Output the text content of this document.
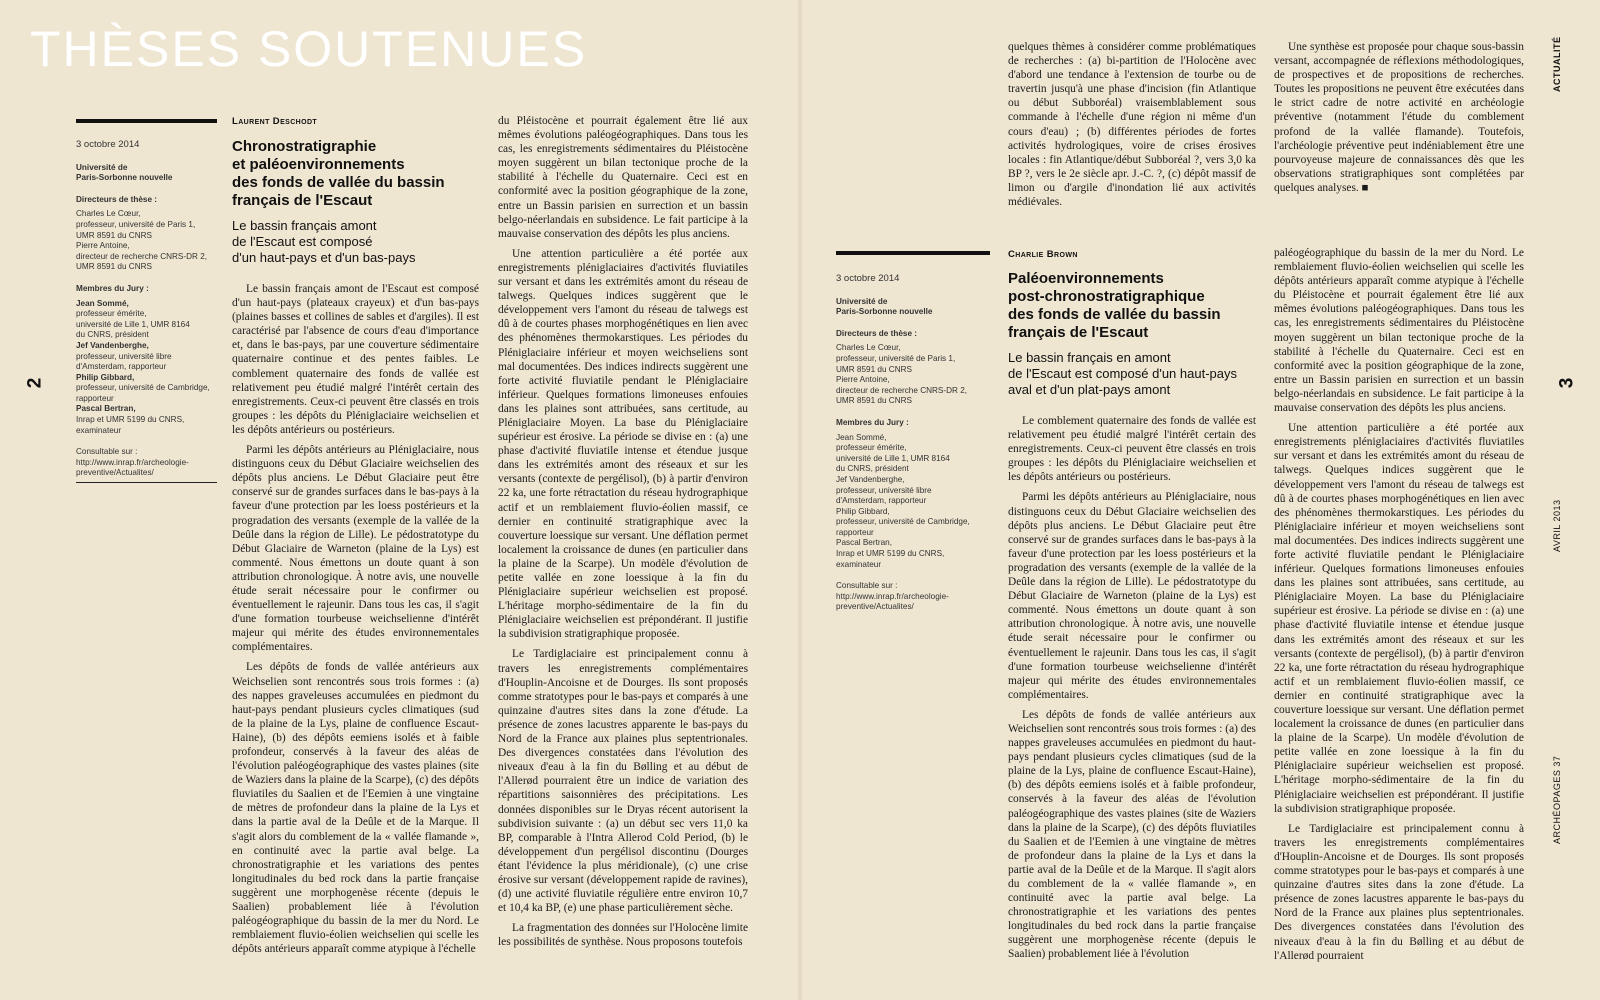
THÈSES SOUTENUES
2
3 octobre 2014
Université de
Paris-Sorbonne nouvelle
Directeurs de thèse :
Charles Le Cœur,
professeur, université de Paris 1,
UMR 8591 du CNRS
Pierre Antoine,
directeur de recherche CNRS-DR 2,
UMR 8591 du CNRS
Membres du Jury :
Jean Sommé,
professeur émérite,
université de Lille 1, UMR 8164
du CNRS, président
Jef Vandenberghe,
professeur, université libre
d'Amsterdam, rapporteur
Philip Gibbard,
professeur, université de Cambridge,
rapporteur
Pascal Bertran,
Inrap et UMR 5199 du CNRS,
examinateur
Consultable sur :
http://www.inrap.fr/archeologie-
preventive/Actualites/
Laurent Deschodt
Chronostratigraphie
et paléoenvironnements
des fonds de vallée du bassin
français de l'Escaut
Le bassin français amont
de l'Escaut est composé
d'un haut-pays et d'un bas-pays

Le bassin français amont de l'Escaut est composé d'un haut-pays (plateaux crayeux) et d'un bas-pays (plaines basses et collines de sables et d'argiles). Il est caractérisé par l'absence de cours d'eau d'importance et, dans le bas-pays, par une couverture sédimentaire quaternaire continue et des pentes faibles. Le comblement quaternaire des fonds de vallée est relativement peu étudié malgré l'intérêt certain des enregistrements. Ceux-ci peuvent être classés en trois groupes : les dépôts du Pléniglaciaire weichselien et les dépôts antérieurs ou postérieurs.

Parmi les dépôts antérieurs au Pléniglaciaire, nous distinguons ceux du Début Glaciaire weichselien des dépôts plus anciens. Le Début Glaciaire peut être conservé sur de grandes surfaces dans le bas-pays à la faveur d'une protection par les loess postérieurs et la progradation des versants (exemple de la vallée de la Deûle dans la région de Lille). Le pédostratotype du Début Glaciaire de Warneton (plaine de la Lys) est commenté. Nous émettons un doute quant à son attribution chronologique. À notre avis, une nouvelle étude serait nécessaire pour le confirmer ou éventuellement le rajeunir. Dans tous les cas, il s'agit d'une formation tourbeuse weichselienne d'intérêt majeur qui mérite des études environnementales complémentaires.

Les dépôts de fonds de vallée antérieurs aux Weichselien sont rencontrés sous trois formes : (a) des nappes graveleuses accumulées en piedmont du haut-pays pendant plusieurs cycles climatiques (sud de la plaine de la Lys, plaine de confluence Escaut-Haine), (b) des dépôts eemiens isolés et à faible profondeur, conservés à la faveur des aléas de l'évolution paléogéographique des vastes plaines (site de Waziers dans la plaine de la Scarpe), (c) des dépôts fluviatiles du Saalien et de l'Eemien à une vingtaine de mètres de profondeur dans la plaine de la Lys et dans la partie aval de la Deûle et de la Marque. Il s'agit alors du comblement de la « vallée flamande », en continuité avec la partie aval belge. La chronostratigraphie et les variations des pentes longitudinales du bed rock dans la partie française suggèrent une morphogenèse récente (depuis le Saalien) probablement liée à l'évolution paléogéographique du bassin de la mer du Nord. Le remblaiement fluvio-éolien weichselien qui scelle les dépôts antérieurs apparaît comme atypique à l'échelle

du Pléistocène et pourrait également être lié aux mêmes évolutions paléogéographiques. Dans tous les cas, les enregistrements sédimentaires du Pléistocène moyen suggèrent un bilan tectonique proche de la stabilité à l'échelle du Quaternaire. Ceci est en conformité avec la position géographique de la zone, entre un Bassin parisien en surrection et un bassin belgo-néerlandais en subsidence. Le fait participe à la mauvaise conservation des dépôts les plus anciens.

Une attention particulière a été portée aux enregistrements pléniglaciaires d'activités fluviatiles sur versant et dans les extrémités amont du réseau de talwegs. Quelques indices suggèrent que le développement vers l'amont du réseau de talwegs est dû à de courtes phases morphogénétiques en lien avec des phénomènes thermokarstiques. Les périodes du Pléniglaciaire inférieur et moyen weichseliens sont mal documentées. Des indices indirects suggèrent une forte activité fluviatile pendant le Pléniglaciaire inférieur. Quelques formations limoneuses enfouies dans les plaines sont attribuées, sans certitude, au Pléniglaciaire Moyen. La base du Pléniglaciaire supérieur est érosive. La période se divise en : (a) une phase d'activité fluviatile intense et étendue jusque dans les extrémités amont des réseaux et sur les versants (contexte de pergélisol), (b) à partir d'environ 22 ka, une forte rétractation du réseau hydrographique actif et un remblaiement fluvio-éolien massif, ce dernier en continuité stratigraphique avec la couverture loessique sur versant. Une déflation permet localement la croissance de dunes (en particulier dans la plaine de la Scarpe). Un modèle d'évolution de petite vallée en zone loessique à la fin du Pléniglaciaire supérieur weichselien est proposé. L'héritage morpho-sédimentaire de la fin du Pléniglaciaire weichselien est prépondérant. Il justifie la subdivision stratigraphique proposée.

Le Tardiglaciaire est principalement connu à travers les enregistrements complémentaires d'Houplin-Ancoisne et de Dourges. Ils sont proposés comme stratotypes pour le bas-pays et comparés à une quinzaine d'autres sites dans la zone d'étude. La présence de zones lacustres apparente le bas-pays du Nord de la France aux plaines plus septentrionales. Des divergences constatées dans l'évolution des niveaux d'eau à la fin du Bølling et au début de l'Allerød pourraient être un indice de variation des répartitions saisonnières des précipitations. Les données disponibles sur le Dryas récent autorisent la subdivision suivante : (a) un début sec vers 11,0 ka BP, comparable à l'Intra Allerod Cold Period, (b) le développement d'un pergélisol discontinu (Dourges étant l'évidence la plus méridionale), (c) une crise érosive sur versant (développement rapide de ravines), (d) une activité fluviatile régulière entre environ 10,7 et 10,4 ka BP, (e) une phase particulièrement sèche.

La fragmentation des données sur l'Holocène limite les possibilités de synthèse. Nous proposons toutefois

quelques thèmes à considérer comme problématiques de recherches : (a) bi-partition de l'Holocène avec d'abord une tendance à l'extension de tourbe ou de travertin jusqu'à une phase d'incision (fin Atlantique ou début Subboréal) vraisemblablement sous commande à l'échelle d'une région ni même d'un cours d'eau) ; (b) différentes périodes de fortes activités hydrologiques, voire de crises érosives locales : fin Atlantique/début Subboréal ?, vers 3,0 ka BP ?, vers le 2e siècle apr. J.-C. ?, (c) dépôt massif de limon ou d'argile d'inondation lié aux activités médiévales.

Une synthèse est proposée pour chaque sous-bassin versant, accompagnée de réflexions méthodologiques, de prospectives et de propositions de recherches. Toutes les propositions ne peuvent être exécutées dans le strict cadre de notre activité en archéologie préventive (notamment l'étude du comblement profond de la vallée flamande). Toutefois, l'archéologie préventive peut indéniablement être une pourvoyeuse majeure de connaissances dès que les observations stratigraphiques sont complétées par quelques analyses. ■

Charlie Brown
Paléoenvironnements
post-chronostratigraphique
des fonds de vallée du bassin
français de l'Escaut
Le bassin français en amont
de l'Escaut est composé d'un haut-pays
aval et d'un plat-pays amont
3 octobre 2014
Université de
Paris-Sorbonne nouvelle
Directeurs de thèse :
Charles Le Cœur,
professeur, université de Paris 1,
UMR 8591 du CNRS
Pierre Antoine,
directeur de recherche CNRS-DR 2,
UMR 8591 du CNRS
Membres du Jury :
Jean Sommé,
professeur émérite,
université de Lille 1, UMR 8164
du CNRS, président
Jef Vandenberghe,
professeur, université libre
d'Amsterdam, rapporteur
Philip Gibbard,
professeur, université de Cambridge,
rapporteur
Pascal Bertran,
Inrap et UMR 5199 du CNRS,
examinateur
Consultable sur :
http://www.inrap.fr/archeologie-
preventive/Actualites/

Le comblement quaternaire des fonds de vallée est relativement peu étudié malgré l'intérêt certain des enregistrements. Ceux-ci peuvent être classés en trois groupes : les dépôts du Pléniglaciaire weichselien et les dépôts antérieurs ou postérieurs.

Parmi les dépôts antérieurs au Pléniglaciaire, nous distinguons ceux du Début Glaciaire weichselien des dépôts plus anciens. Le Début Glaciaire peut être conservé sur de grandes surfaces dans le bas-pays à la faveur d'une protection par les loess postérieurs et la progradation des versants (exemple de la vallée de la Deûle dans la région de Lille). Le pédostratotype du Début Glaciaire de Warneton (plaine de la Lys) est commenté. Nous émettons un doute quant à son attribution chronologique. À notre avis, une nouvelle étude serait nécessaire pour le confirmer ou éventuellement le rajeunir. Dans tous les cas, il s'agit d'une formation tourbeuse weichselienne d'intérêt majeur qui mérite des études environnementales complémentaires.

Les dépôts de fonds de vallée antérieurs aux Weichselien sont rencontrés sous trois formes : (a) des nappes graveleuses accumulées en piedmont du haut-pays pendant plusieurs cycles climatiques (sud de la plaine de la Lys, plaine de confluence Escaut-Haine), (b) des dépôts eemiens isolés et à faible profondeur, conservés à la faveur des aléas de l'évolution paléogéographique des vastes plaines (site de Waziers dans la plaine de la Scarpe), (c) des dépôts fluviatiles du Saalien et de l'Eemien à une vingtaine de mètres de profondeur dans la plaine de la Lys et dans la partie aval de la Deûle et de la Marque. Il s'agit alors du comblement de la « vallée flamande », en continuité avec la partie aval belge. La chronostratigraphie et les variations des pentes longitudinales du bed rock dans la partie française suggèrent une morphogenèse récente (depuis le Saalien) probablement liée à l'évolution

paléogéographique du bassin de la mer du Nord. Le remblaiement fluvio-éolien weichselien qui scelle les dépôts antérieurs apparaît comme atypique à l'échelle du Pléistocène et pourrait également être lié aux mêmes évolutions paléogéographiques. Dans tous les cas, les enregistrements sédimentaires du Pléistocène moyen suggèrent un bilan tectonique proche de la stabilité à l'échelle du Quaternaire. Ceci est en conformité avec la position géographique de la zone, entre un Bassin parisien en surrection et un bassin belgo-néerlandais en subsidence. Le fait participe à la mauvaise conservation des dépôts les plus anciens.

Une attention particulière a été portée aux enregistrements pléniglaciaires d'activités fluviatiles sur versant et dans les extrémités amont du réseau de talwegs. Quelques indices suggèrent que le développement vers l'amont du réseau de talwegs est dû à de courtes phases morphogénétiques en lien avec des phénomènes thermokarstiques. Les périodes du Pléniglaciaire inférieur et moyen weichseliens sont mal documentées. Des indices indirects suggèrent une forte activité fluviatile pendant le Pléniglaciaire inférieur. Quelques formations limoneuses enfouies dans les plaines sont attribuées, sans certitude, au Pléniglaciaire Moyen. La base du Pléniglaciaire supérieur est érosive. La période se divise en : (a) une phase d'activité fluviatile intense et étendue jusque dans les extrémités amont des réseaux et sur les versants (contexte de pergélisol), (b) à partir d'environ 22 ka, une forte rétractation du réseau hydrographique actif et un remblaiement fluvio-éolien massif, ce dernier en continuité stratigraphique avec la couverture loessique sur versant. Une déflation permet localement la croissance de dunes (en particulier dans la plaine de la Scarpe). Un modèle d'évolution de petite vallée en zone loessique à la fin du Pléniglaciaire supérieur weichselien est proposé. L'héritage morpho-sédimentaire de la fin du Pléniglaciaire weichselien est prépondérant. Il justifie la subdivision stratigraphique proposée.

Le Tardiglaciaire est principalement connu à travers les enregistrements complémentaires d'Houplin-Ancoisne et de Dourges. Ils sont proposés comme stratotypes pour le bas-pays et comparés à une quinzaine d'autres sites dans la zone d'étude. La présence de zones lacustres apparente le bas-pays du Nord de la France aux plaines plus septentrionales. Des divergences constatées dans l'évolution des niveaux d'eau à la fin du Bølling et au début de l'Allerød pourraient

ACTUALITÉ
3
AVRIL 2013
ARCHÉOPAGES 37
